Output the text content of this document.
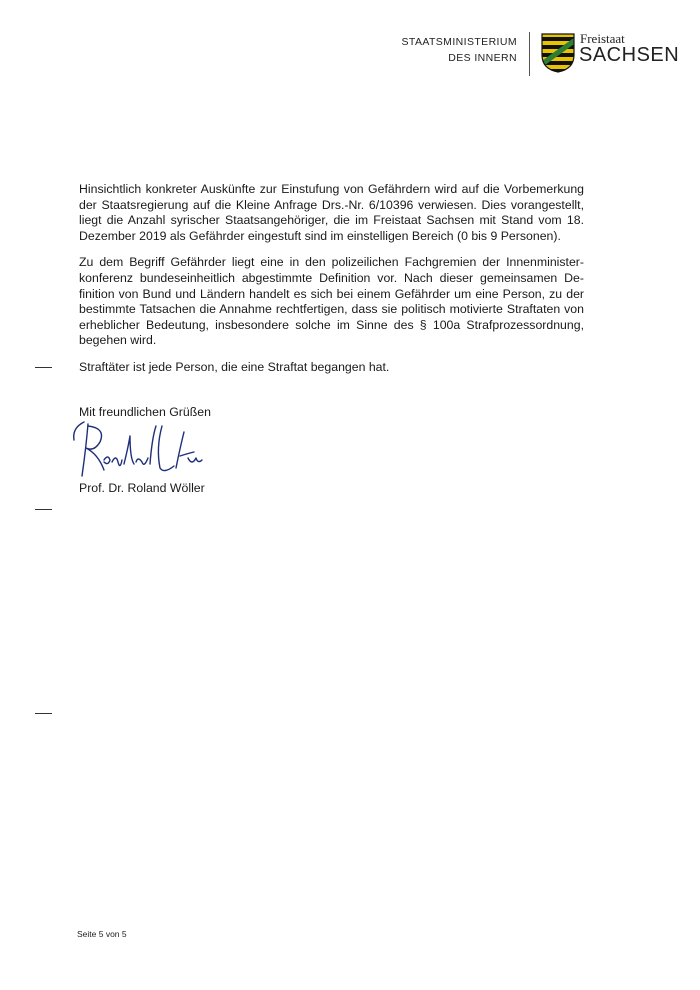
STAATSMINISTERIUM
DES INNERN
Freistaat
SACHSEN

Hinsichtlich konkreter Auskünfte zur Einstufung von Gefährdern wird auf die Vorbemerkung der Staatsregierung auf die Kleine Anfrage Drs.-Nr. 6/10396 verwiesen. Dies vorangestellt, liegt die Anzahl syrischer Staatsangehöriger, die im Freistaat Sachsen mit Stand vom 18. Dezember 2019 als Gefährder eingestuft sind im einstelligen Bereich (0 bis 9 Personen).

Zu dem Begriff Gefährder liegt eine in den polizeilichen Fachgremien der Innenministerkonferenz bundeseinheitlich abgestimmte Definition vor. Nach dieser gemeinsamen Definition von Bund und Ländern handelt es sich bei einem Gefährder um eine Person, zu der bestimmte Tatsachen die Annahme rechtfertigen, dass sie politisch motivierte Straftaten von erheblicher Bedeutung, insbesondere solche im Sinne des § 100a Strafprozessordnung, begehen wird.

Straftäter ist jede Person, die eine Straftat begangen hat.

Mit freundlichen Grüßen
Prof. Dr. Roland Wöller
Seite 5 von 5
